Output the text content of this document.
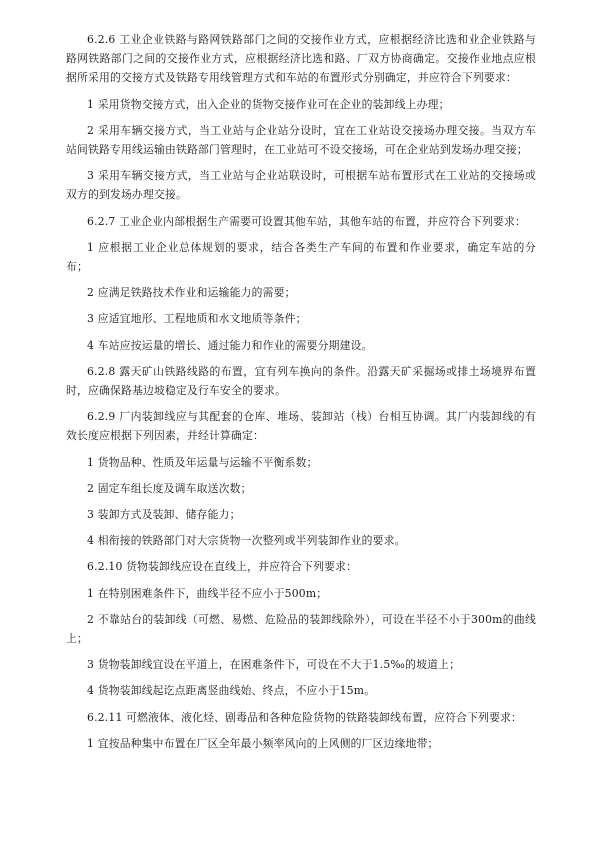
6.2.6 工业企业铁路与路网铁路部门之间的交接作业方式，应根据经济比选和业企业铁路与路网铁路部门之间的交接作业方式，应根据经济比选和路、厂双方协商确定。交接作业地点应根据所采用的交接方式及铁路专用线管理方式和车站的布置形式分别确定，并应符合下列要求：

1 采用货物交接方式，出入企业的货物交接作业可在企业的装卸线上办理；

2 采用车辆交接方式，当工业站与企业站分设时，宜在工业站设交接场办理交接。当双方车站间铁路专用线运输由铁路部门管理时，在工业站可不设交接场，可在企业站到发场办理交接；

3 采用车辆交接方式，当工业站与企业站联设时，可根据车站布置形式在工业站的交接场或双方的到发场办理交接。

6.2.7 工业企业内部根据生产需要可设置其他车站，其他车站的布置，并应符合下列要求：

1 应根据工业企业总体规划的要求，结合各类生产车间的布置和作业要求，确定车站的分布；

2 应满足铁路技术作业和运输能力的需要；

3 应适宜地形、工程地质和水文地质等条件；

4 车站应按运量的增长、通过能力和作业的需要分期建设。

6.2.8 露天矿山铁路线路的布置，宜有列车换向的条件。沿露天矿采掘场或排土场境界布置时，应确保路基边坡稳定及行车安全的要求。

6.2.9 厂内装卸线应与其配套的仓库、堆场、装卸站（栈）台相互协调。其厂内装卸线的有效长度应根据下列因素，并经计算确定：

1 货物品种、性质及年运量与运输不平衡系数；

2 固定车组长度及调车取送次数；

3 装卸方式及装卸、储存能力；

4 相衔接的铁路部门对大宗货物一次整列或半列装卸作业的要求。

6.2.10 货物装卸线应设在直线上，并应符合下列要求：

1 在特别困难条件下，曲线半径不应小于500m；

2 不靠站台的装卸线（可燃、易燃、危险品的装卸线除外），可设在半径不小于300m的曲线上；

3 货物装卸线宜设在平道上，在困难条件下，可设在不大于1.5‰的坡道上；

4 货物装卸线起讫点距离竖曲线始、终点，不应小于15m。

6.2.11 可燃液体、液化烃、剧毒品和各种危险货物的铁路装卸线布置，应符合下列要求：

1 宜按品种集中布置在厂区全年最小频率风向的上风侧的厂区边缘地带；
